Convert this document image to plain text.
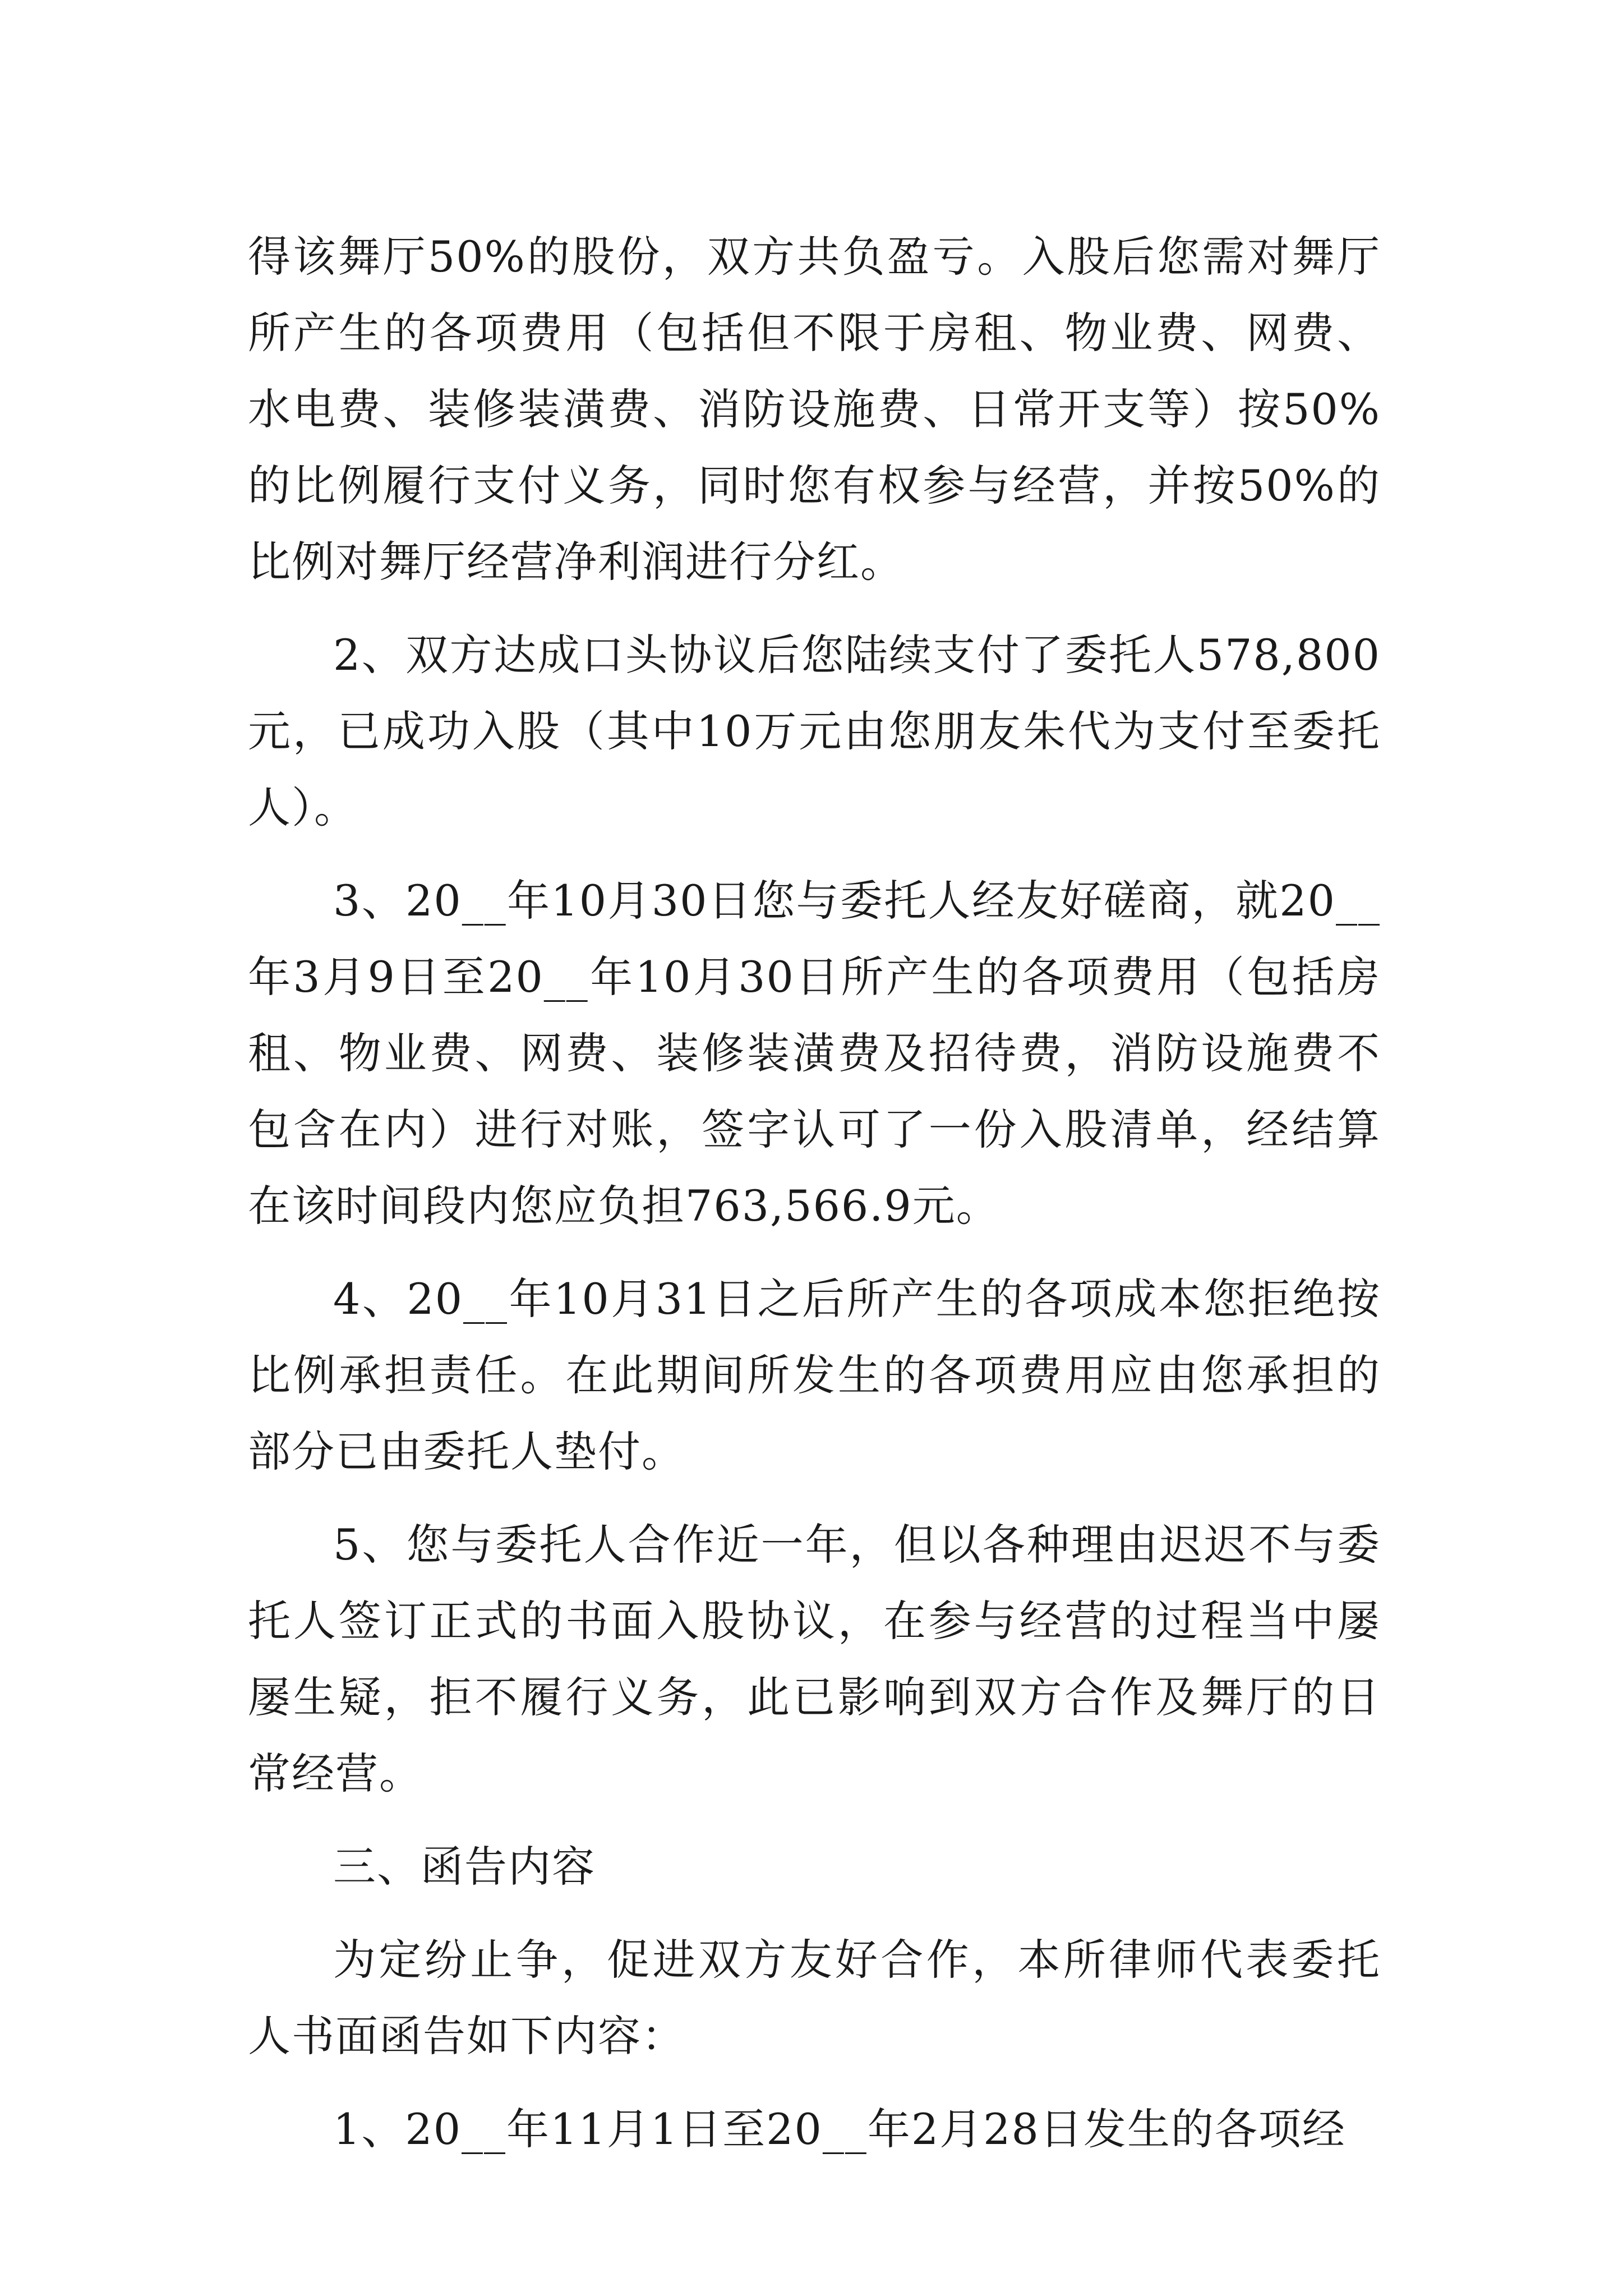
得该舞厅50%的股份，双方共负盈亏。入股后您需对舞厅所产生的各项费用（包括但不限于房租、物业费、网费、水电费、装修装潢费、消防设施费、日常开支等）按50%的比例履行支付义务，同时您有权参与经营，并按50%的比例对舞厅经营净利润进行分红。

2、双方达成口头协议后您陆续支付了委托人578,800元，已成功入股（其中10万元由您朋友朱代为支付至委托人）。

3、20__年10月30日您与委托人经友好磋商，就20__年3月9日至20__年10月30日所产生的各项费用（包括房租、物业费、网费、装修装潢费及招待费，消防设施费不包含在内）进行对账，签字认可了一份入股清单，经结算在该时间段内您应负担763,566.9元。

4、20__年10月31日之后所产生的各项成本您拒绝按比例承担责任。在此期间所发生的各项费用应由您承担的部分已由委托人垫付。

5、您与委托人合作近一年，但以各种理由迟迟不与委托人签订正式的书面入股协议，在参与经营的过程当中屡屡生疑，拒不履行义务，此已影响到双方合作及舞厅的日常经营。

三、函告内容

为定纷止争，促进双方友好合作，本所律师代表委托人书面函告如下内容：

1、20__年11月1日至20__年2月28日发生的各项经
